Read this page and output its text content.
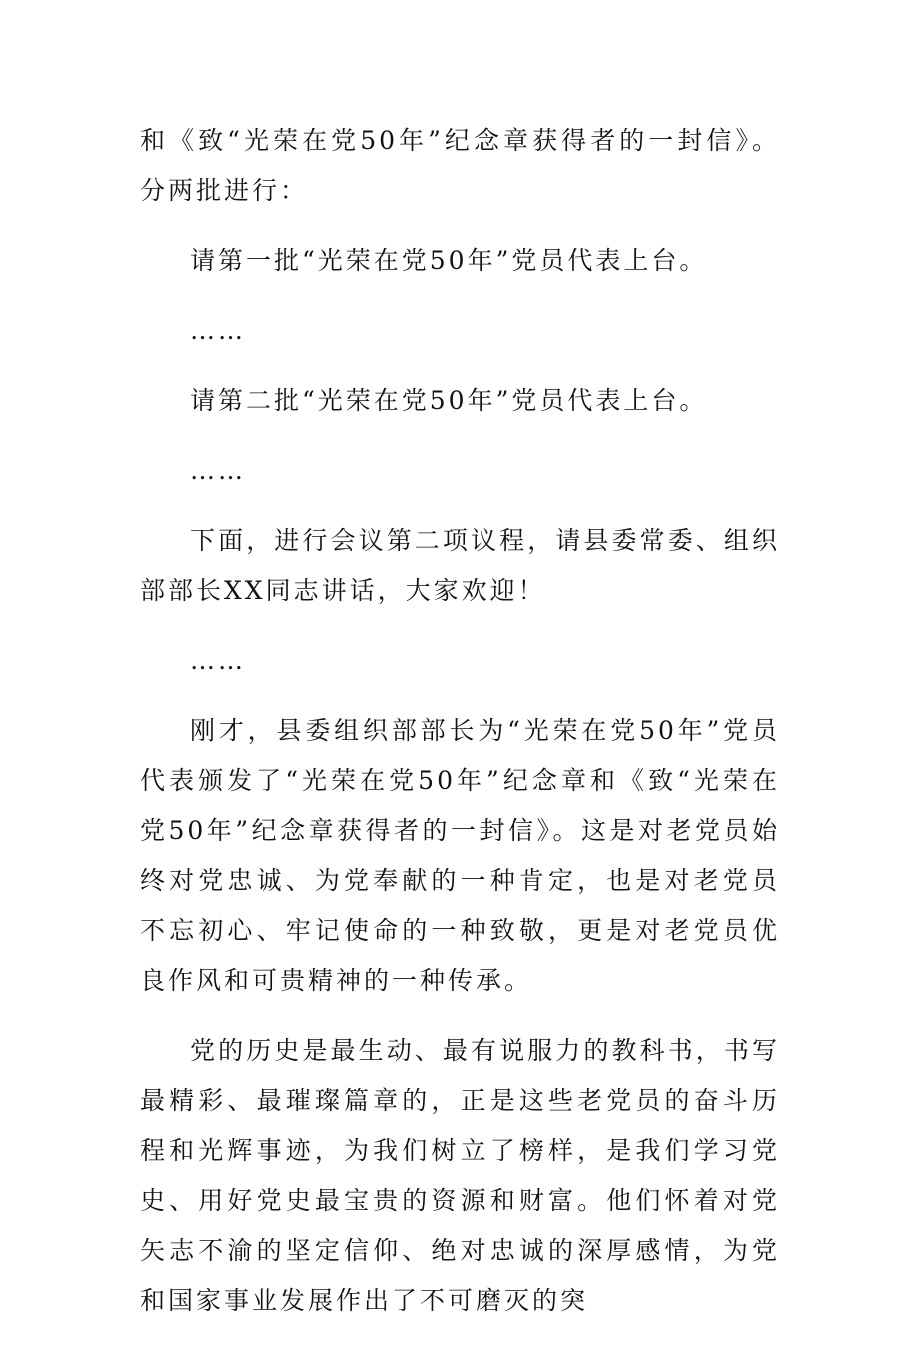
和《致“光荣在党50年”纪念章获得者的一封信》。分两批进行：

请第一批“光荣在党50年”党员代表上台。

……

请第二批“光荣在党50年”党员代表上台。

……

下面，进行会议第二项议程，请县委常委、组织部部长XX同志讲话，大家欢迎！

……

刚才，县委组织部部长为“光荣在党50年”党员代表颁发了“光荣在党50年”纪念章和《致“光荣在党50年”纪念章获得者的一封信》。这是对老党员始终对党忠诚、为党奉献的一种肯定，也是对老党员不忘初心、牢记使命的一种致敬，更是对老党员优良作风和可贵精神的一种传承。

党的历史是最生动、最有说服力的教科书，书写最精彩、最璀璨篇章的，正是这些老党员的奋斗历程和光辉事迹，为我们树立了榜样，是我们学习党史、用好党史最宝贵的资源和财富。他们怀着对党矢志不渝的坚定信仰、绝对忠诚的深厚感情，为党和国家事业发展作出了不可磨灭的突
